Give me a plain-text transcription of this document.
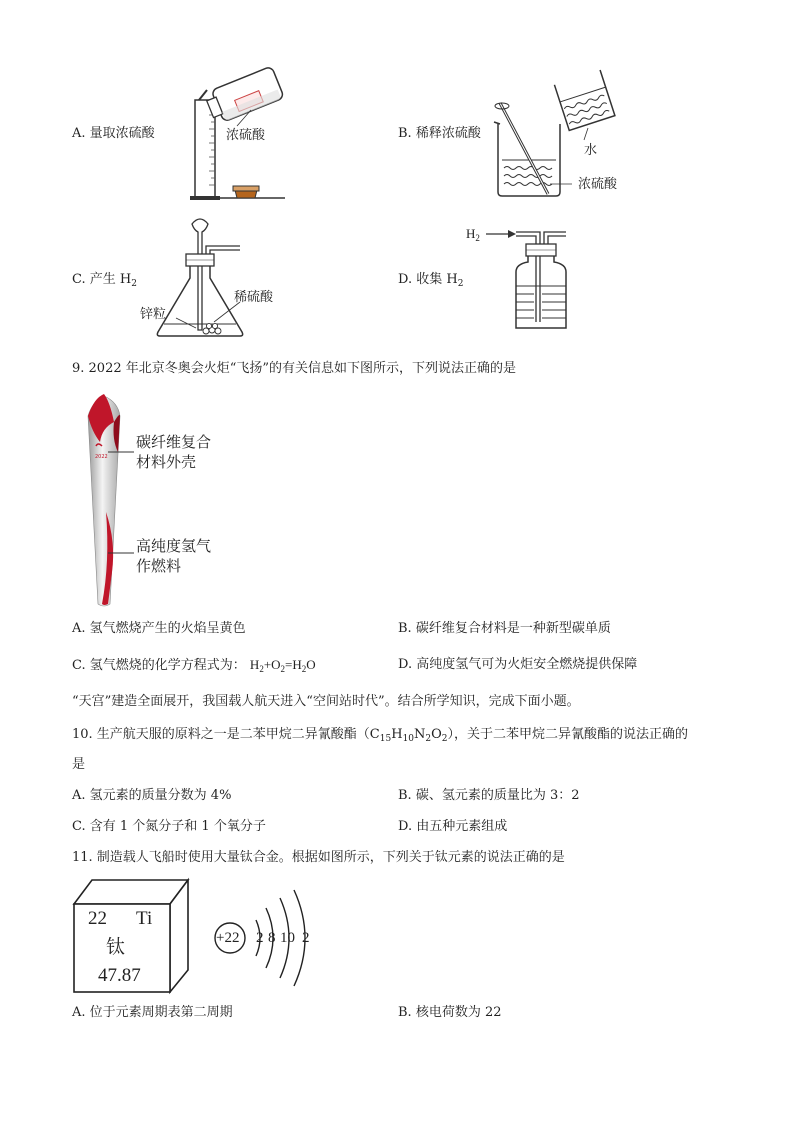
A. 量取浓硫酸	浓硫酸	B. 稀释浓硫酸
水
浓硫酸
C. 产生 $H_2$
锌粒
稀硫酸
D. 收集 $H_2$
$H_2$
9. 2022 年北京冬奥会火炬“飞扬”的有关信息如下图所示，下列说法正确的是
2022
碳纤维复合
材料外壳
高纯度氢气
作燃料
A. 氢气燃烧产生的火焰呈黄色	B. 碳纤维复合材料是一种新型碳单质
C. 氢气燃烧的化学方程式为： $H_2+O_2=H_2O$	D. 高纯度氢气可为火炬安全燃烧提供保障
“天宫”建造全面展开，我国载人航天进入“空间站时代”。结合所学知识，完成下面小题。
10. 生产航天服的原料之一是二苯甲烷二异氰酸酯$(C_{15}H_{10}N_2O_2)$，关于二苯甲烷二异氰酸酯的说法正确的
是
A. 氢元素的质量分数为 4%	B. 碳、氢元素的质量比为 3：2
C. 含有 1 个氮分子和 1 个氧分子	D. 由五种元素组成
11. 制造载人飞船时使用大量钛合金。根据如图所示，下列关于钛元素的说法正确的是
22 Ti
钛
47.87
+22 2 8 10 2
A. 位于元素周期表第二周期	B. 核电荷数为 22
